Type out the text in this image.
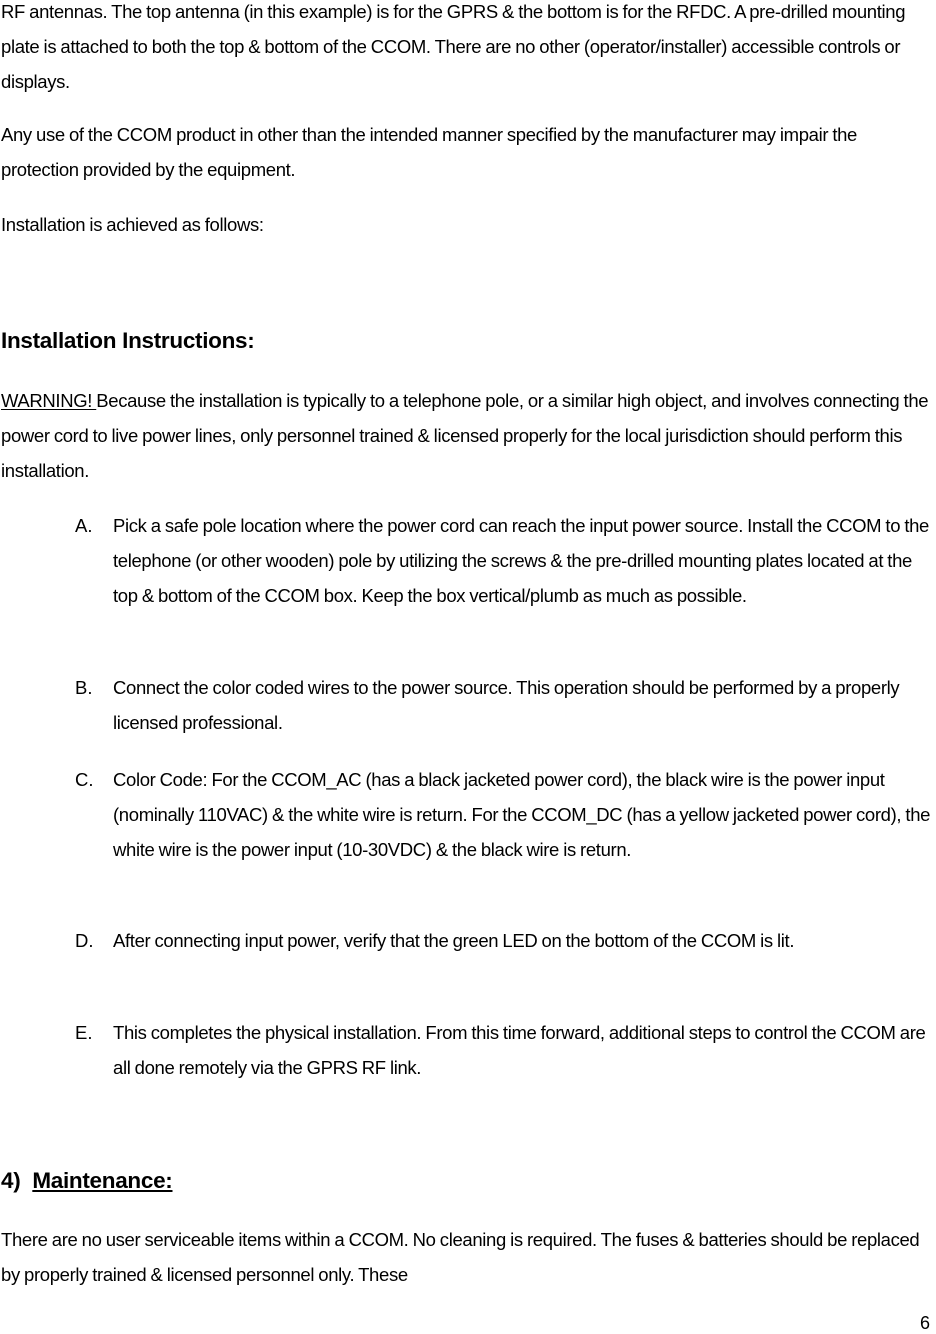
RF antennas. The top antenna (in this example) is for the GPRS & the bottom is for the RFDC. A pre-drilled mounting plate is attached to both the top & bottom of the CCOM. There are no other (operator/installer) accessible controls or displays.

Any use of the CCOM product in other than the intended manner specified by the manufacturer may impair the protection provided by the equipment.

Installation is achieved as follows:

Installation Instructions:

WARNING! Because the installation is typically to a telephone pole, or a similar high object, and involves connecting the power cord to live power lines, only personnel trained & licensed properly for the local jurisdiction should perform this installation.

A. Pick a safe pole location where the power cord can reach the input power source. Install the CCOM to the telephone (or other wooden) pole by utilizing the screws & the pre-drilled mounting plates located at the top & bottom of the CCOM box. Keep the box vertical/plumb as much as possible.

B. Connect the color coded wires to the power source. This operation should be performed by a properly licensed professional.

C. Color Code: For the CCOM_AC (has a black jacketed power cord), the black wire is the power input (nominally 110VAC) & the white wire is return. For the CCOM_DC (has a yellow jacketed power cord), the white wire is the power input (10-30VDC) & the black wire is return.

D. After connecting input power, verify that the green LED on the bottom of the CCOM is lit.

E. This completes the physical installation. From this time forward, additional steps to control the CCOM are all done remotely via the GPRS RF link.

4) Maintenance:

There are no user serviceable items within a CCOM. No cleaning is required. The fuses & batteries should be replaced by properly trained & licensed personnel only. These

6
